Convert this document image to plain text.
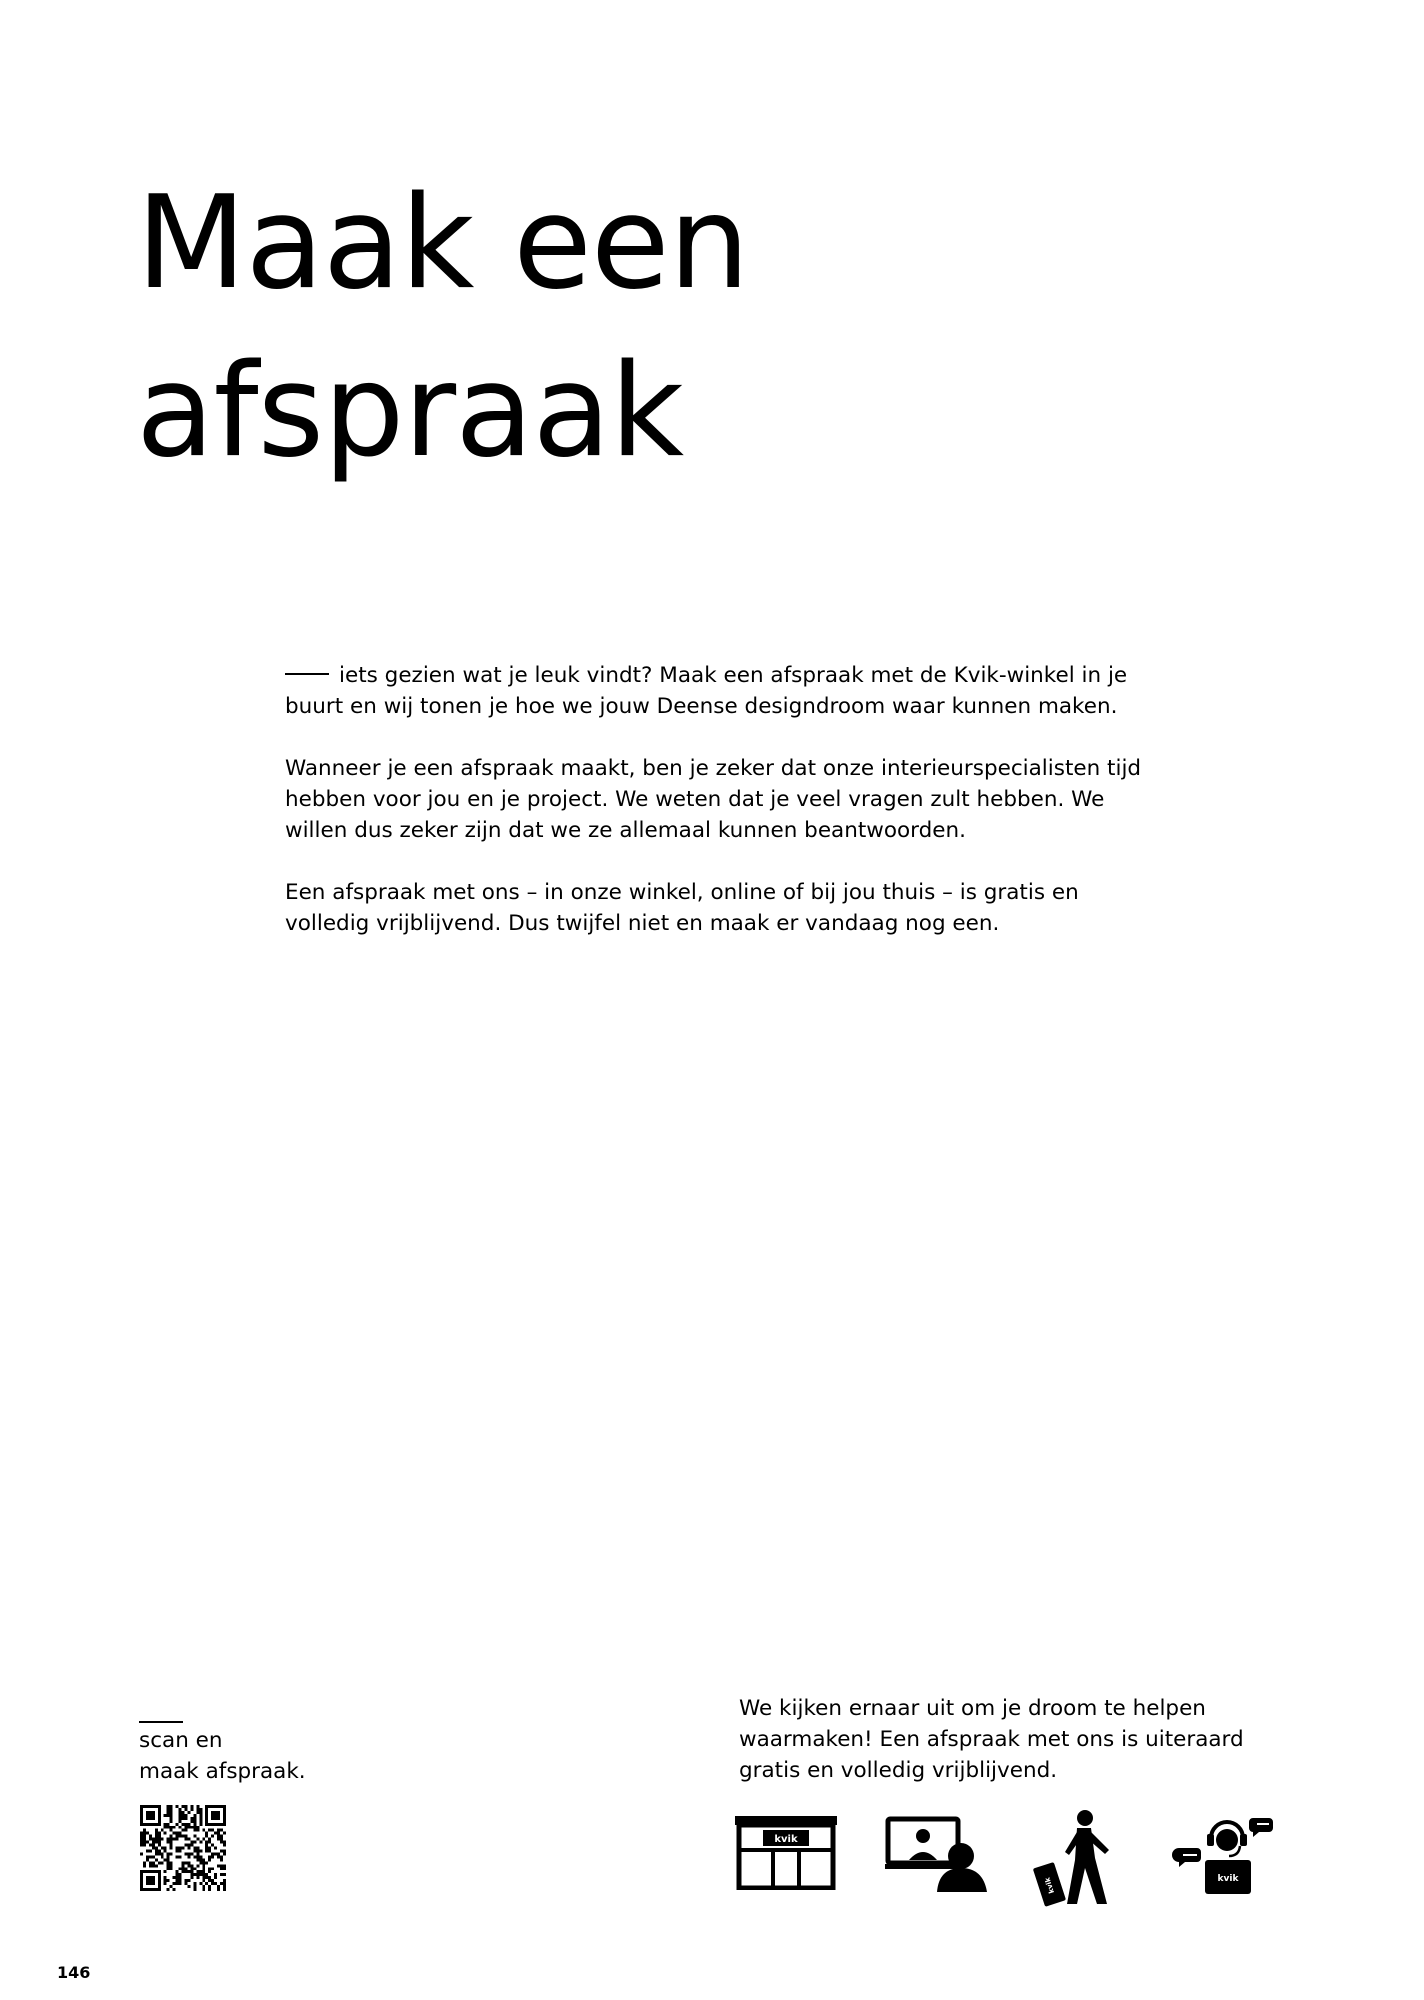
Maak een
afspraak

iets gezien wat je leuk vindt? Maak een afspraak met de Kvik-winkel in je buurt en wij tonen je hoe we jouw Deense designdroom waar kunnen maken.

Wanneer je een afspraak maakt, ben je zeker dat onze interieurspecialisten tijd hebben voor jou en je project. We weten dat je veel vragen zult hebben. We willen dus zeker zijn dat we ze allemaal kunnen beantwoorden.

Een afspraak met ons – in onze winkel, online of bij jou thuis – is gratis en volledig vrijblijvend. Dus twijfel niet en maak er vandaag nog een.

scan en
maak afspraak.
We kijken ernaar uit om je droom te helpen
waarmaken! Een afspraak met ons is uiteraard
gratis en volledig vrijblijvend.
kvik
kvik	kvik
146
